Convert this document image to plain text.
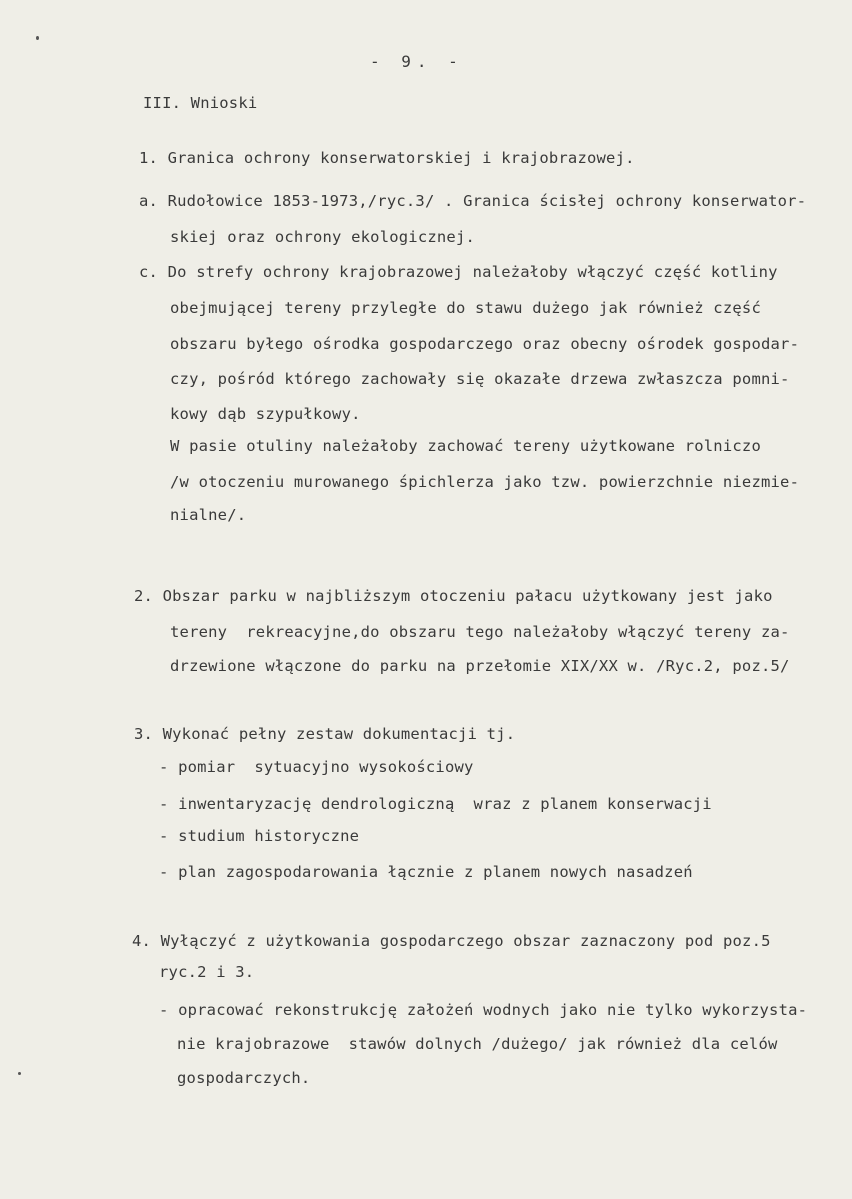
- 9. -
III. Wnioski
1. Granica ochrony konserwatorskiej i krajobrazowej.
a. Rudołowice 1853-1973,/ryc.3/ . Granica ścisłej ochrony konserwator-
skiej oraz ochrony ekologicznej.
c. Do strefy ochrony krajobrazowej należałoby włączyć część kotliny
obejmującej tereny przyległe do stawu dużego jak również część
obszaru byłego ośrodka gospodarczego oraz obecny ośrodek gospodar-
czy, pośród którego zachowały się okazałe drzewa zwłaszcza pomni-
kowy dąb szypułkowy.
W pasie otuliny należałoby zachować tereny użytkowane rolniczo
/w otoczeniu murowanego śpichlerza jako tzw. powierzchnie niezmie-
nialne/.
2. Obszar parku w najbliższym otoczeniu pałacu użytkowany jest jako
tereny  rekreacyjne,do obszaru tego należałoby włączyć tereny za-
drzewione włączone do parku na przełomie XIX/XX w. /Ryc.2, poz.5/
3. Wykonać pełny zestaw dokumentacji tj.
- pomiar  sytuacyjno wysokościowy
- inwentaryzację dendrologiczną  wraz z planem konserwacji
- studium historyczne
- plan zagospodarowania łącznie z planem nowych nasadzeń
4. Wyłączyć z użytkowania gospodarczego obszar zaznaczony pod poz.5
ryc.2 i 3.
- opracować rekonstrukcję założeń wodnych jako nie tylko wykorzysta-
nie krajobrazowe  stawów dolnych /dużego/ jak również dla celów
gospodarczych.
